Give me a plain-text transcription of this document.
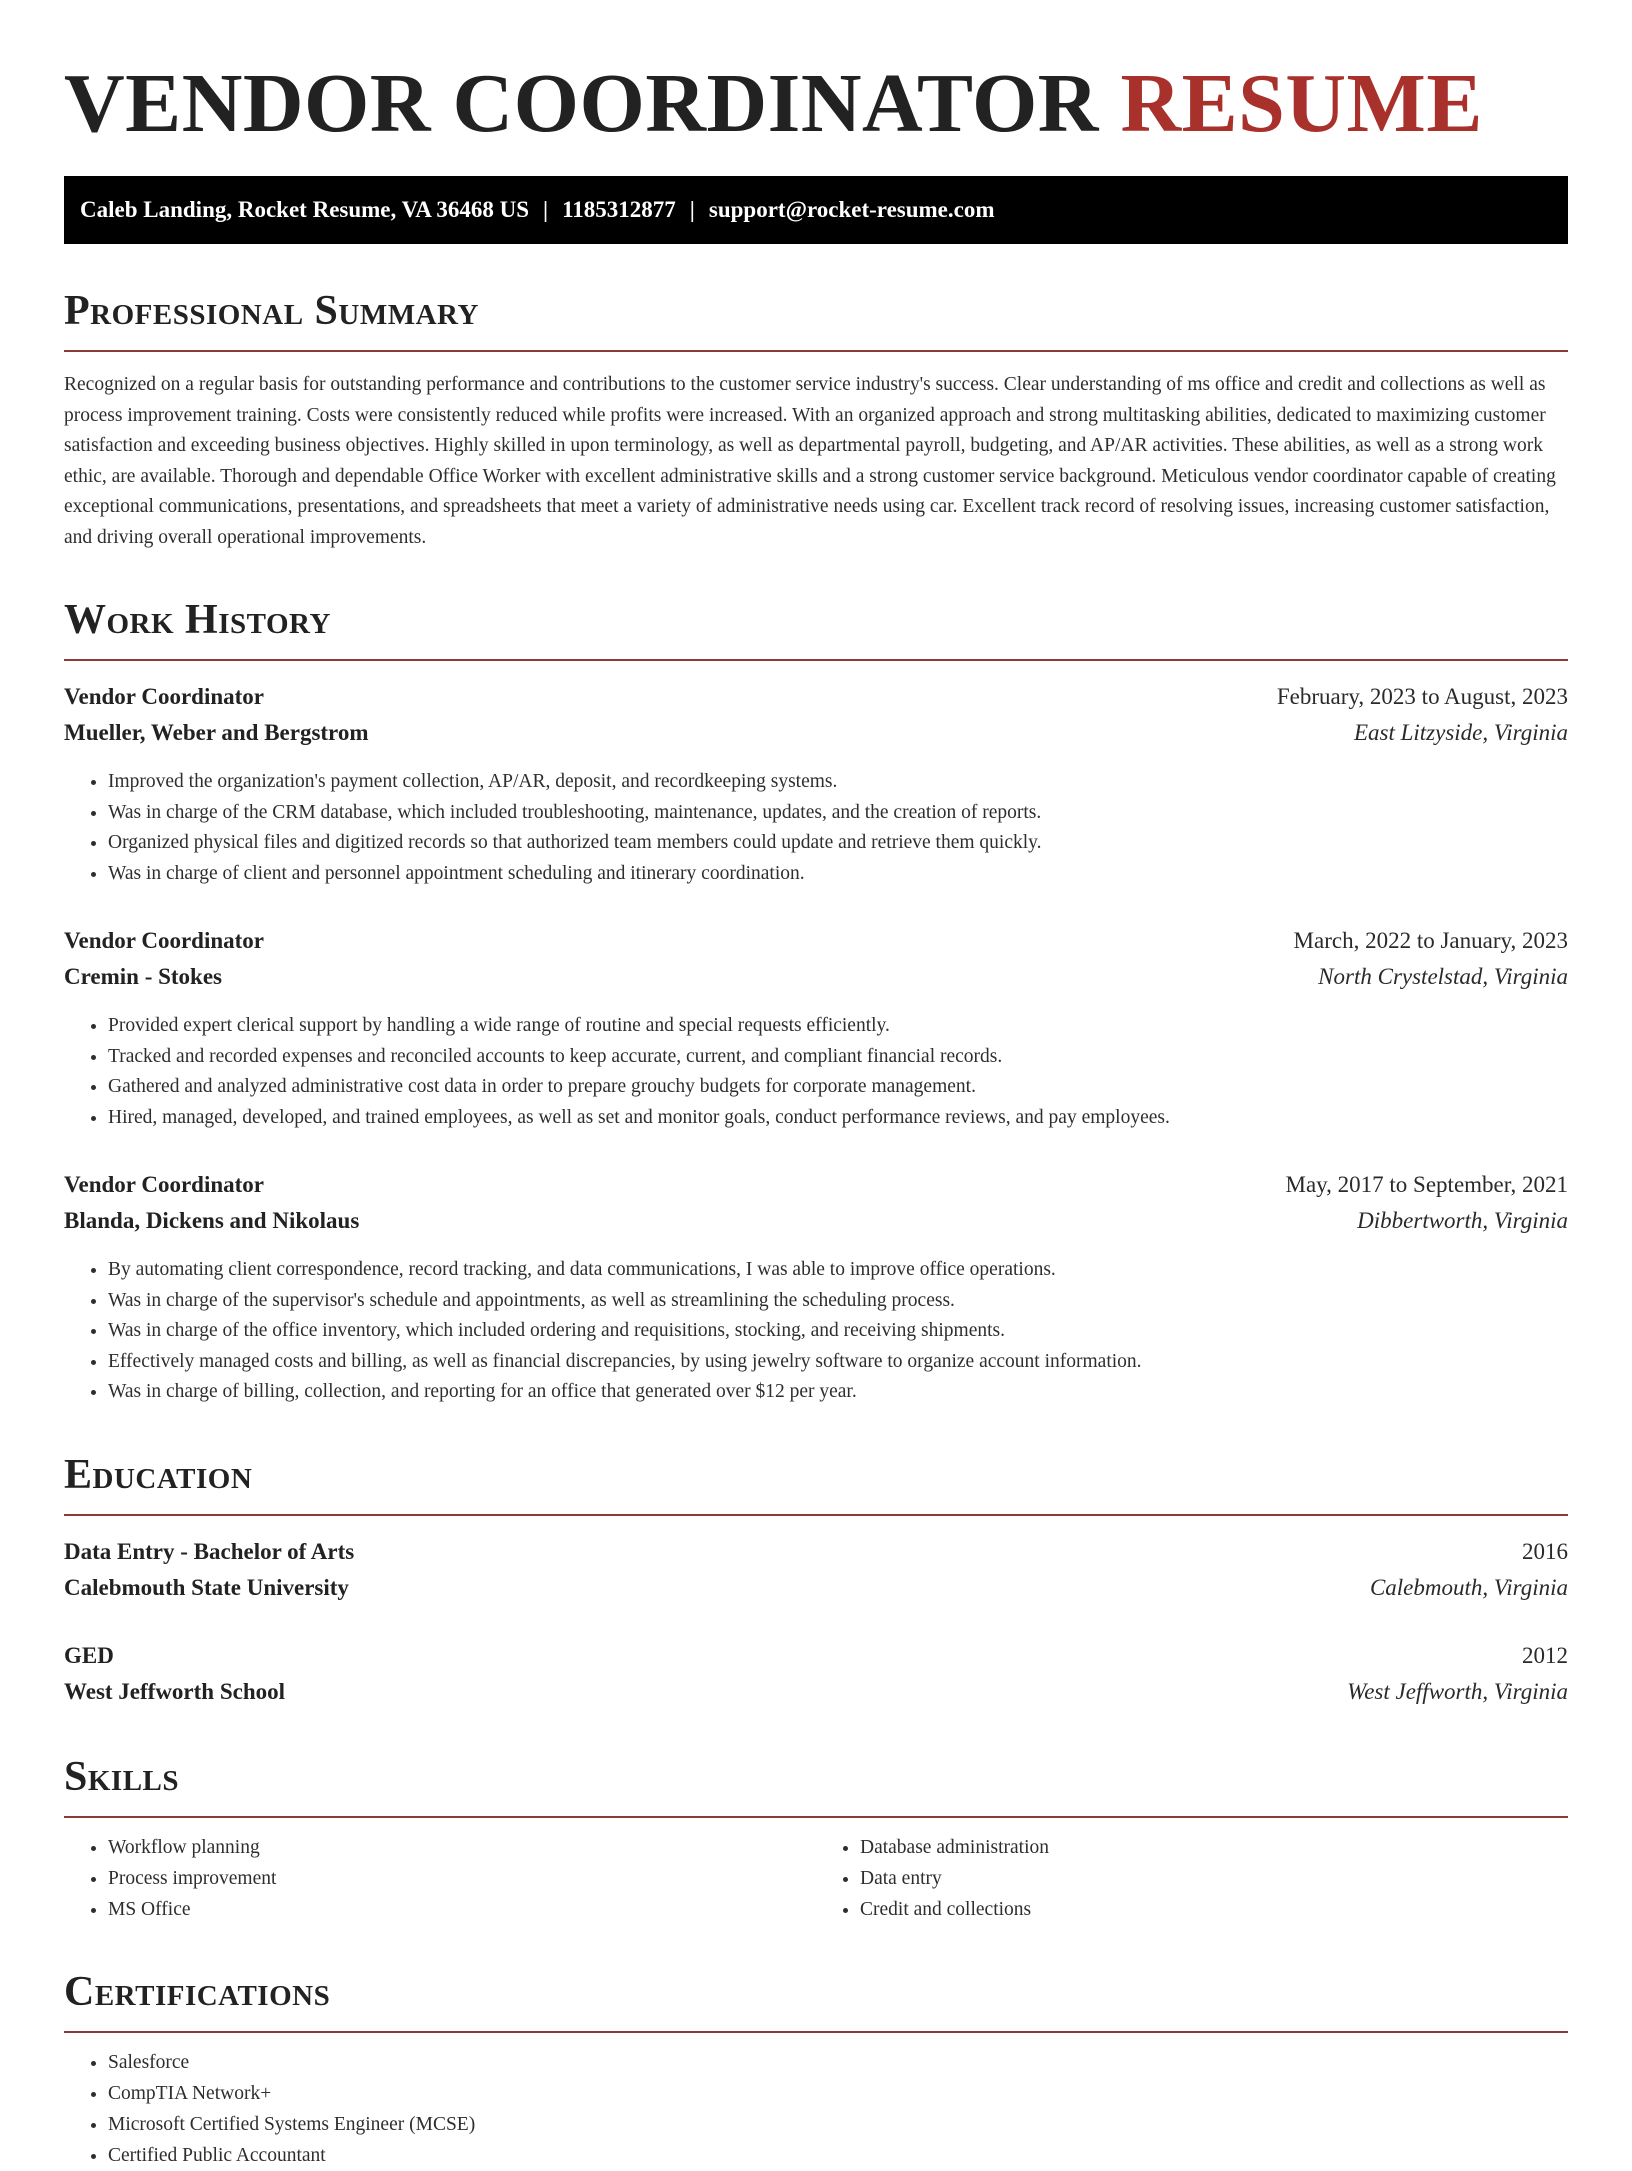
VENDOR COORDINATOR RESUME
Caleb Landing, Rocket Resume, VA 36468 US | 1185312877 | support@rocket-resume.com
Professional Summary

Recognized on a regular basis for outstanding performance and contributions to the customer service industry's success. Clear understanding of ms office and credit and collections as well as process improvement training. Costs were consistently reduced while profits were increased. With an organized approach and strong multitasking abilities, dedicated to maximizing customer satisfaction and exceeding business objectives. Highly skilled in upon terminology, as well as departmental payroll, budgeting, and AP/AR activities. These abilities, as well as a strong work ethic, are available. Thorough and dependable Office Worker with excellent administrative skills and a strong customer service background. Meticulous vendor coordinator capable of creating exceptional communications, presentations, and spreadsheets that meet a variety of administrative needs using car. Excellent track record of resolving issues, increasing customer satisfaction, and driving overall operational improvements.

Work History
Vendor Coordinator	February, 2023 to August, 2023
Mueller, Weber and Bergstrom	East Litzyside, Virginia
• Improved the organization's payment collection, AP/AR, deposit, and recordkeeping systems.
• Was in charge of the CRM database, which included troubleshooting, maintenance, updates, and the creation of reports.
• Organized physical files and digitized records so that authorized team members could update and retrieve them quickly.
• Was in charge of client and personnel appointment scheduling and itinerary coordination.
Vendor Coordinator	March, 2022 to January, 2023
Cremin - Stokes	North Crystelstad, Virginia
• Provided expert clerical support by handling a wide range of routine and special requests efficiently.
• Tracked and recorded expenses and reconciled accounts to keep accurate, current, and compliant financial records.
• Gathered and analyzed administrative cost data in order to prepare grouchy budgets for corporate management.
• Hired, managed, developed, and trained employees, as well as set and monitor goals, conduct performance reviews, and pay employees.
Vendor Coordinator	May, 2017 to September, 2021
Blanda, Dickens and Nikolaus	Dibbertworth, Virginia
• By automating client correspondence, record tracking, and data communications, I was able to improve office operations.
• Was in charge of the supervisor's schedule and appointments, as well as streamlining the scheduling process.
• Was in charge of the office inventory, which included ordering and requisitions, stocking, and receiving shipments.
• Effectively managed costs and billing, as well as financial discrepancies, by using jewelry software to organize account information.
• Was in charge of billing, collection, and reporting for an office that generated over $12 per year.
Education
Data Entry - Bachelor of Arts	2016
Calebmouth State University	Calebmouth, Virginia
GED	2012
West Jeffworth School	West Jeffworth, Virginia
Skills
• Workflow planning
• Process improvement
• MS Office
• Database administration
• Data entry
• Credit and collections
Certifications
• Salesforce
• CompTIA Network+
• Microsoft Certified Systems Engineer (MCSE)
• Certified Public Accountant
